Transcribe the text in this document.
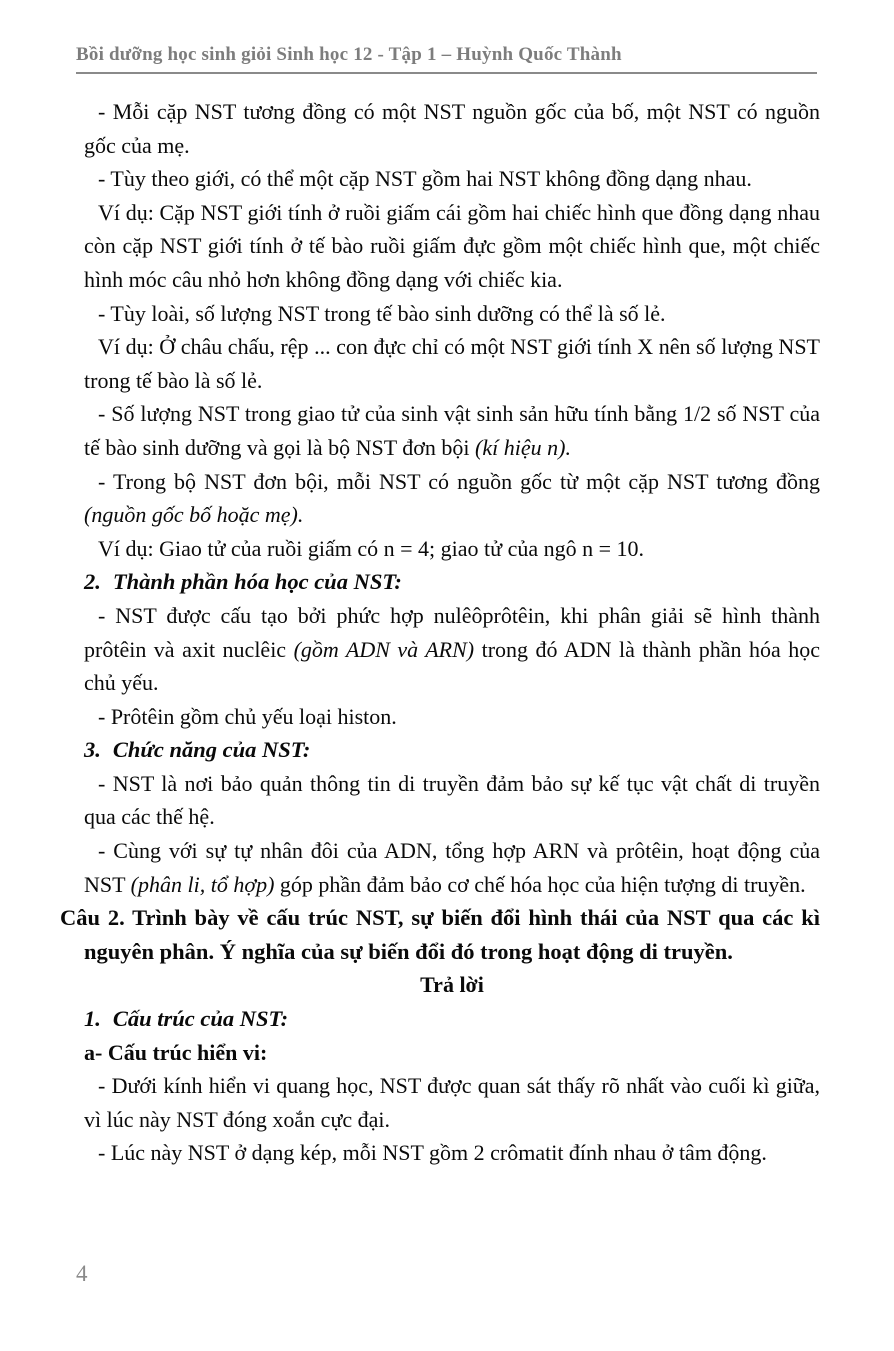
Bồi dưỡng học sinh giỏi Sinh học 12 - Tập 1 – Huỳnh Quốc Thành

- Mỗi cặp NST tương đồng có một NST nguồn gốc của bố, một NST có nguồn gốc của mẹ.

- Tùy theo giới, có thể một cặp NST gồm hai NST không đồng dạng nhau.

Ví dụ: Cặp NST giới tính ở ruồi giấm cái gồm hai chiếc hình que đồng dạng nhau còn cặp NST giới tính ở tế bào ruồi giấm đực gồm một chiếc hình que, một chiếc hình móc câu nhỏ hơn không đồng dạng với chiếc kia.

- Tùy loài, số lượng NST trong tế bào sinh dưỡng có thể là số lẻ.

Ví dụ: Ở châu chấu, rệp ... con đực chỉ có một NST giới tính X nên số lượng NST trong tế bào là số lẻ.

- Số lượng NST trong giao tử của sinh vật sinh sản hữu tính bằng 1/2 số NST của tế bào sinh dưỡng và gọi là bộ NST đơn bội (kí hiệu n).

- Trong bộ NST đơn bội, mỗi NST có nguồn gốc từ một cặp NST tương đồng (nguồn gốc bố hoặc mẹ).

Ví dụ: Giao tử của ruồi giấm có n = 4; giao tử của ngô n = 10.

2. Thành phần hóa học của NST:

- NST được cấu tạo bởi phức hợp nulêôprôtêin, khi phân giải sẽ hình thành prôtêin và axit nuclêic (gồm ADN và ARN) trong đó ADN là thành phần hóa học chủ yếu.

- Prôtêin gồm chủ yếu loại histon.

3. Chức năng của NST:

- NST là nơi bảo quản thông tin di truyền đảm bảo sự kế tục vật chất di truyền qua các thế hệ.

- Cùng với sự tự nhân đôi của ADN, tổng hợp ARN và prôtêin, hoạt động của NST (phân li, tổ hợp) góp phần đảm bảo cơ chế hóa học của hiện tượng di truyền.

Câu 2. Trình bày về cấu trúc NST, sự biến đổi hình thái của NST qua các kì nguyên phân. Ý nghĩa của sự biến đổi đó trong hoạt động di truyền.

Trả lời

1. Cấu trúc của NST:

a- Cấu trúc hiển vi:

- Dưới kính hiển vi quang học, NST được quan sát thấy rõ nhất vào cuối kì giữa, vì lúc này NST đóng xoắn cực đại.

- Lúc này NST ở dạng kép, mỗi NST gồm 2 crômatit đính nhau ở tâm động.

4
